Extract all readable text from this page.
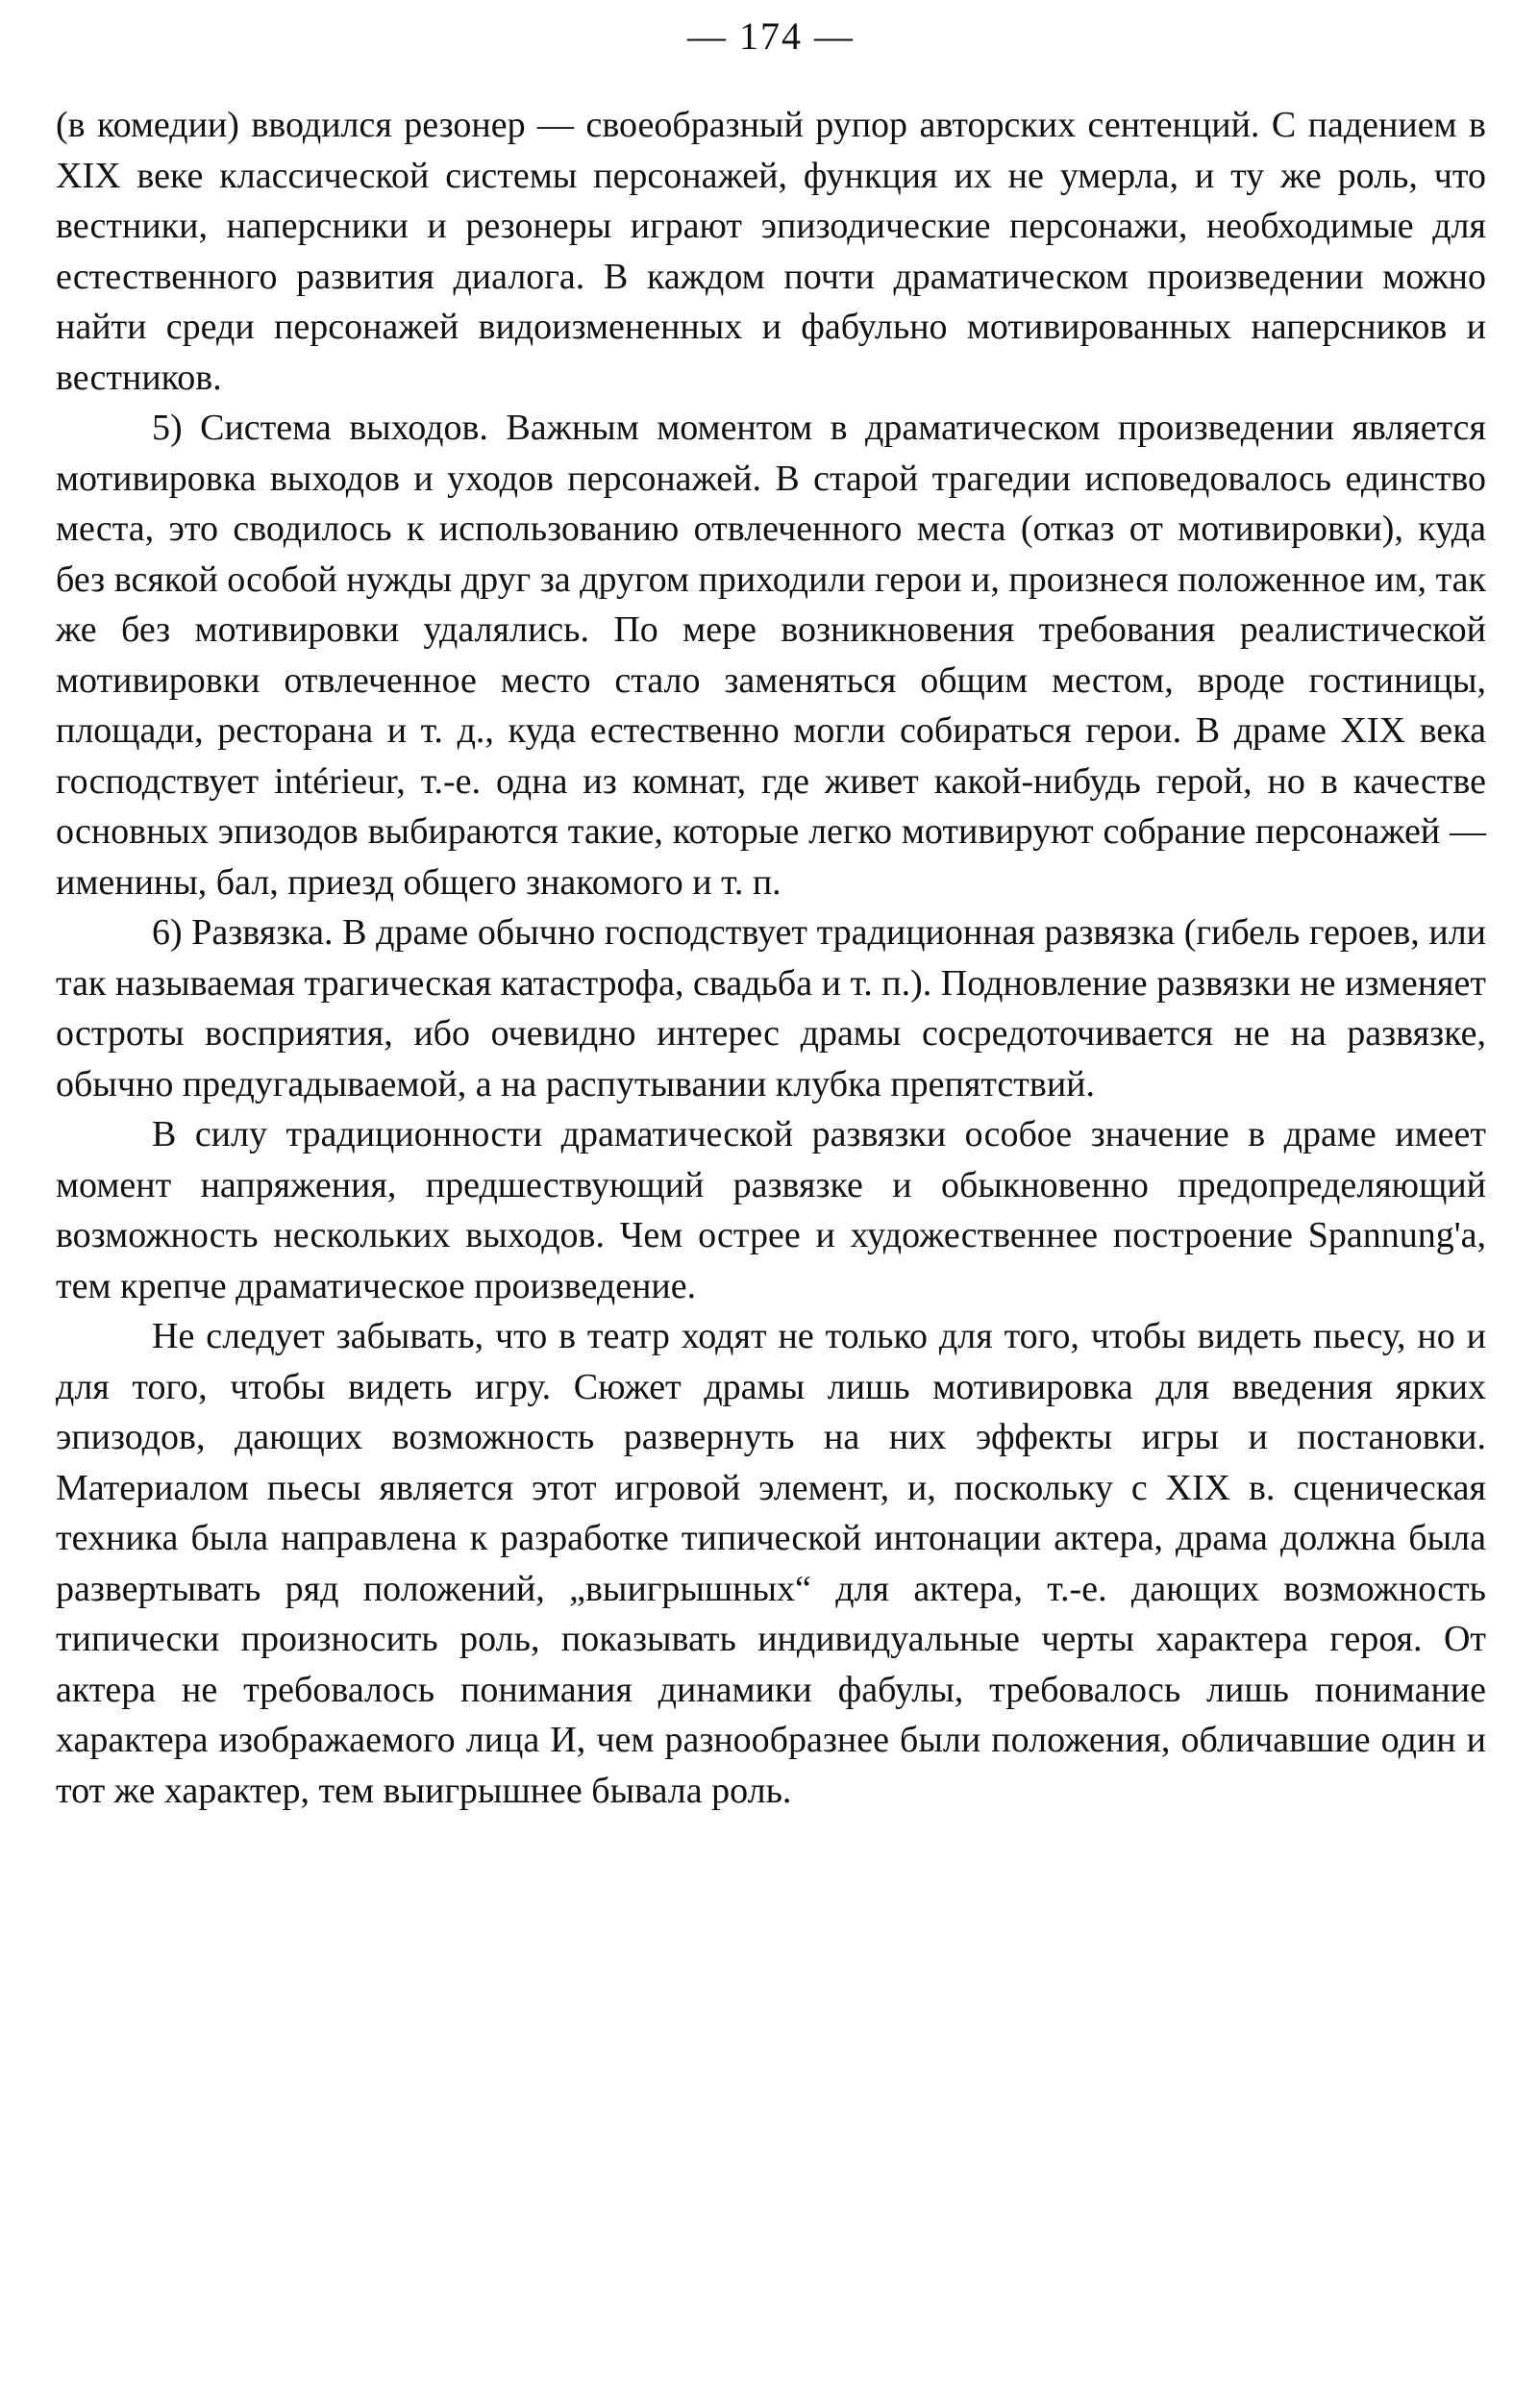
— 174 —

(в комедии) вводился резонер — своеобразный рупор авторских сентенций. С падением в XIX веке классической системы персонажей, функция их не умерла, и ту же роль, что вестники, наперсники и резонеры играют эпизодические персонажи, необходимые для естественного развития диалога. В каждом почти драматическом произведении можно найти среди персонажей видоизмененных и фабульно мотивированных наперсников и вестников.

5) Система выходов. Важным моментом в драматическом произведении является мотивировка выходов и уходов персонажей. В старой трагедии исповедовалось единство места, это сводилось к использованию отвлеченного места (отказ от мотивировки), куда без всякой особой нужды друг за другом приходили герои и, произнеся положенное им, так же без мотивировки удалялись. По мере возникновения требования реалистической мотивировки отвлеченное место стало заменяться общим местом, вроде гостиницы, площади, ресторана и т. д., куда естественно могли собираться герои. В драме XIX века господствует intérieur, т.-е. одна из комнат, где живет какой-нибудь герой, но в качестве основных эпизодов выбираются такие, которые легко мотивируют собрание персонажей — именины, бал, приезд общего знакомого и т. п.

6) Развязка. В драме обычно господствует традиционная развязка (гибель героев, или так называемая трагическая катастрофа, свадьба и т. п.). Подновление развязки не изменяет остроты восприятия, ибо очевидно интерес драмы сосредоточивается не на развязке, обычно предугадываемой, а на распутывании клубка препятствий.

В силу традиционности драматической развязки особое значение в драме имеет момент напряжения, предшествующий развязке и обыкновенно предопределяющий возможность нескольких выходов. Чем острее и художественнее построение Spannung'а, тем крепче драматическое произведение.

Не следует забывать, что в театр ходят не только для того, чтобы видеть пьесу, но и для того, чтобы видеть игру. Сюжет драмы лишь мотивировка для введения ярких эпизодов, дающих возможность развернуть на них эффекты игры и постановки. Материалом пьесы является этот игровой элемент, и, поскольку с XIX в. сценическая техника была направлена к разработке типической интонации актера, драма должна была развертывать ряд положений, „выигрышных“ для актера, т.-е. дающих возможность типически произносить роль, показывать индивидуальные черты характера героя. От актера не требовалось понимания динамики фабулы, требовалось лишь понимание характера изображаемого лица И, чем разнообразнее были положения, обличавшие один и тот же характер, тем выигрышнее бывала роль.
